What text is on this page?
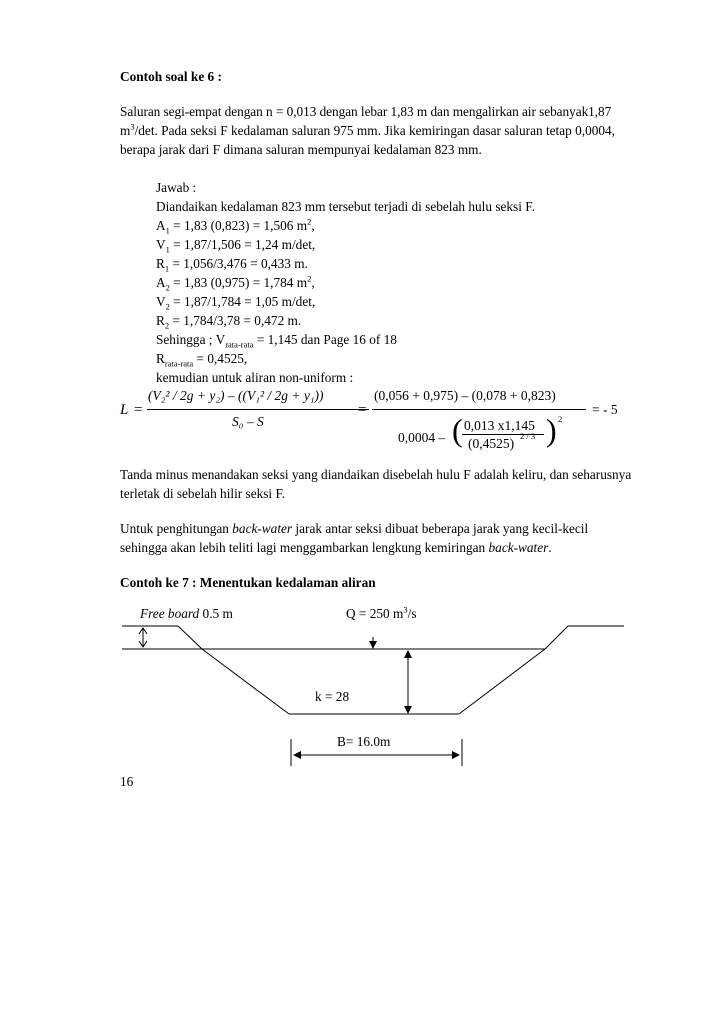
Contoh soal ke 6 :
Saluran segi-empat dengan n = 0,013 dengan lebar 1,83 m dan mengalirkan air sebanyak1,87
$m^3/\det$. Pada seksi F kedalaman saluran 975 mm. Jika kemiringan dasar saluran tetap 0,0004,
berapa jarak dari F dimana saluran mempunyai kedalaman 823 mm.
Jawab :
Diandaikan kedalaman 823 mm tersebut terjadi di sebelah hulu seksi F.
$A_1 = 1,83$ (0,823) = 1,506 $m^2$,
$V_1 = 1,87/1,506 = 1,24$ m/det,
$R_1 = 1,056/3,476 = 0,433$ m.
$A_2 = 1,83$ (0,975) = 1,784 $m^2$,
$V_2 = 1,87/1,784 = 1,05$ m/det,
$R_2 = 1,784/3,78 = 0,472$ m.
Sehingga ; $V_{rata-rata} = 1,145$ dan Page 16 of 18
$R_{rata-rata} = 0,4525$,
kemudian untuk aliran non-uniform :
L =
(V₂² / 2g + y₂) – ((V₁² / 2g + y₁))
S₀ – S
=
(0,056 + 0,975) – (0,078 + 0,823)
0,0004 – ( 0,013 x1,145
(0,4525) 2 / 3 ) 2
= - 5
Tanda minus menandakan seksi yang diandaikan disebelah hulu F adalah keliru, dan seharusnya
terletak di sebelah hilir seksi F.
Untuk penghitungan back-water jarak antar seksi dibuat beberapa jarak yang kecil-kecil
sehingga akan lebih teliti lagi menggambarkan lengkung kemiringan back-water.
Contoh ke 7 : Menentukan kedalaman aliran
Free board 0.5 m	Q = 250 $m^3/s$
k = 28
B= 16.0m
16
